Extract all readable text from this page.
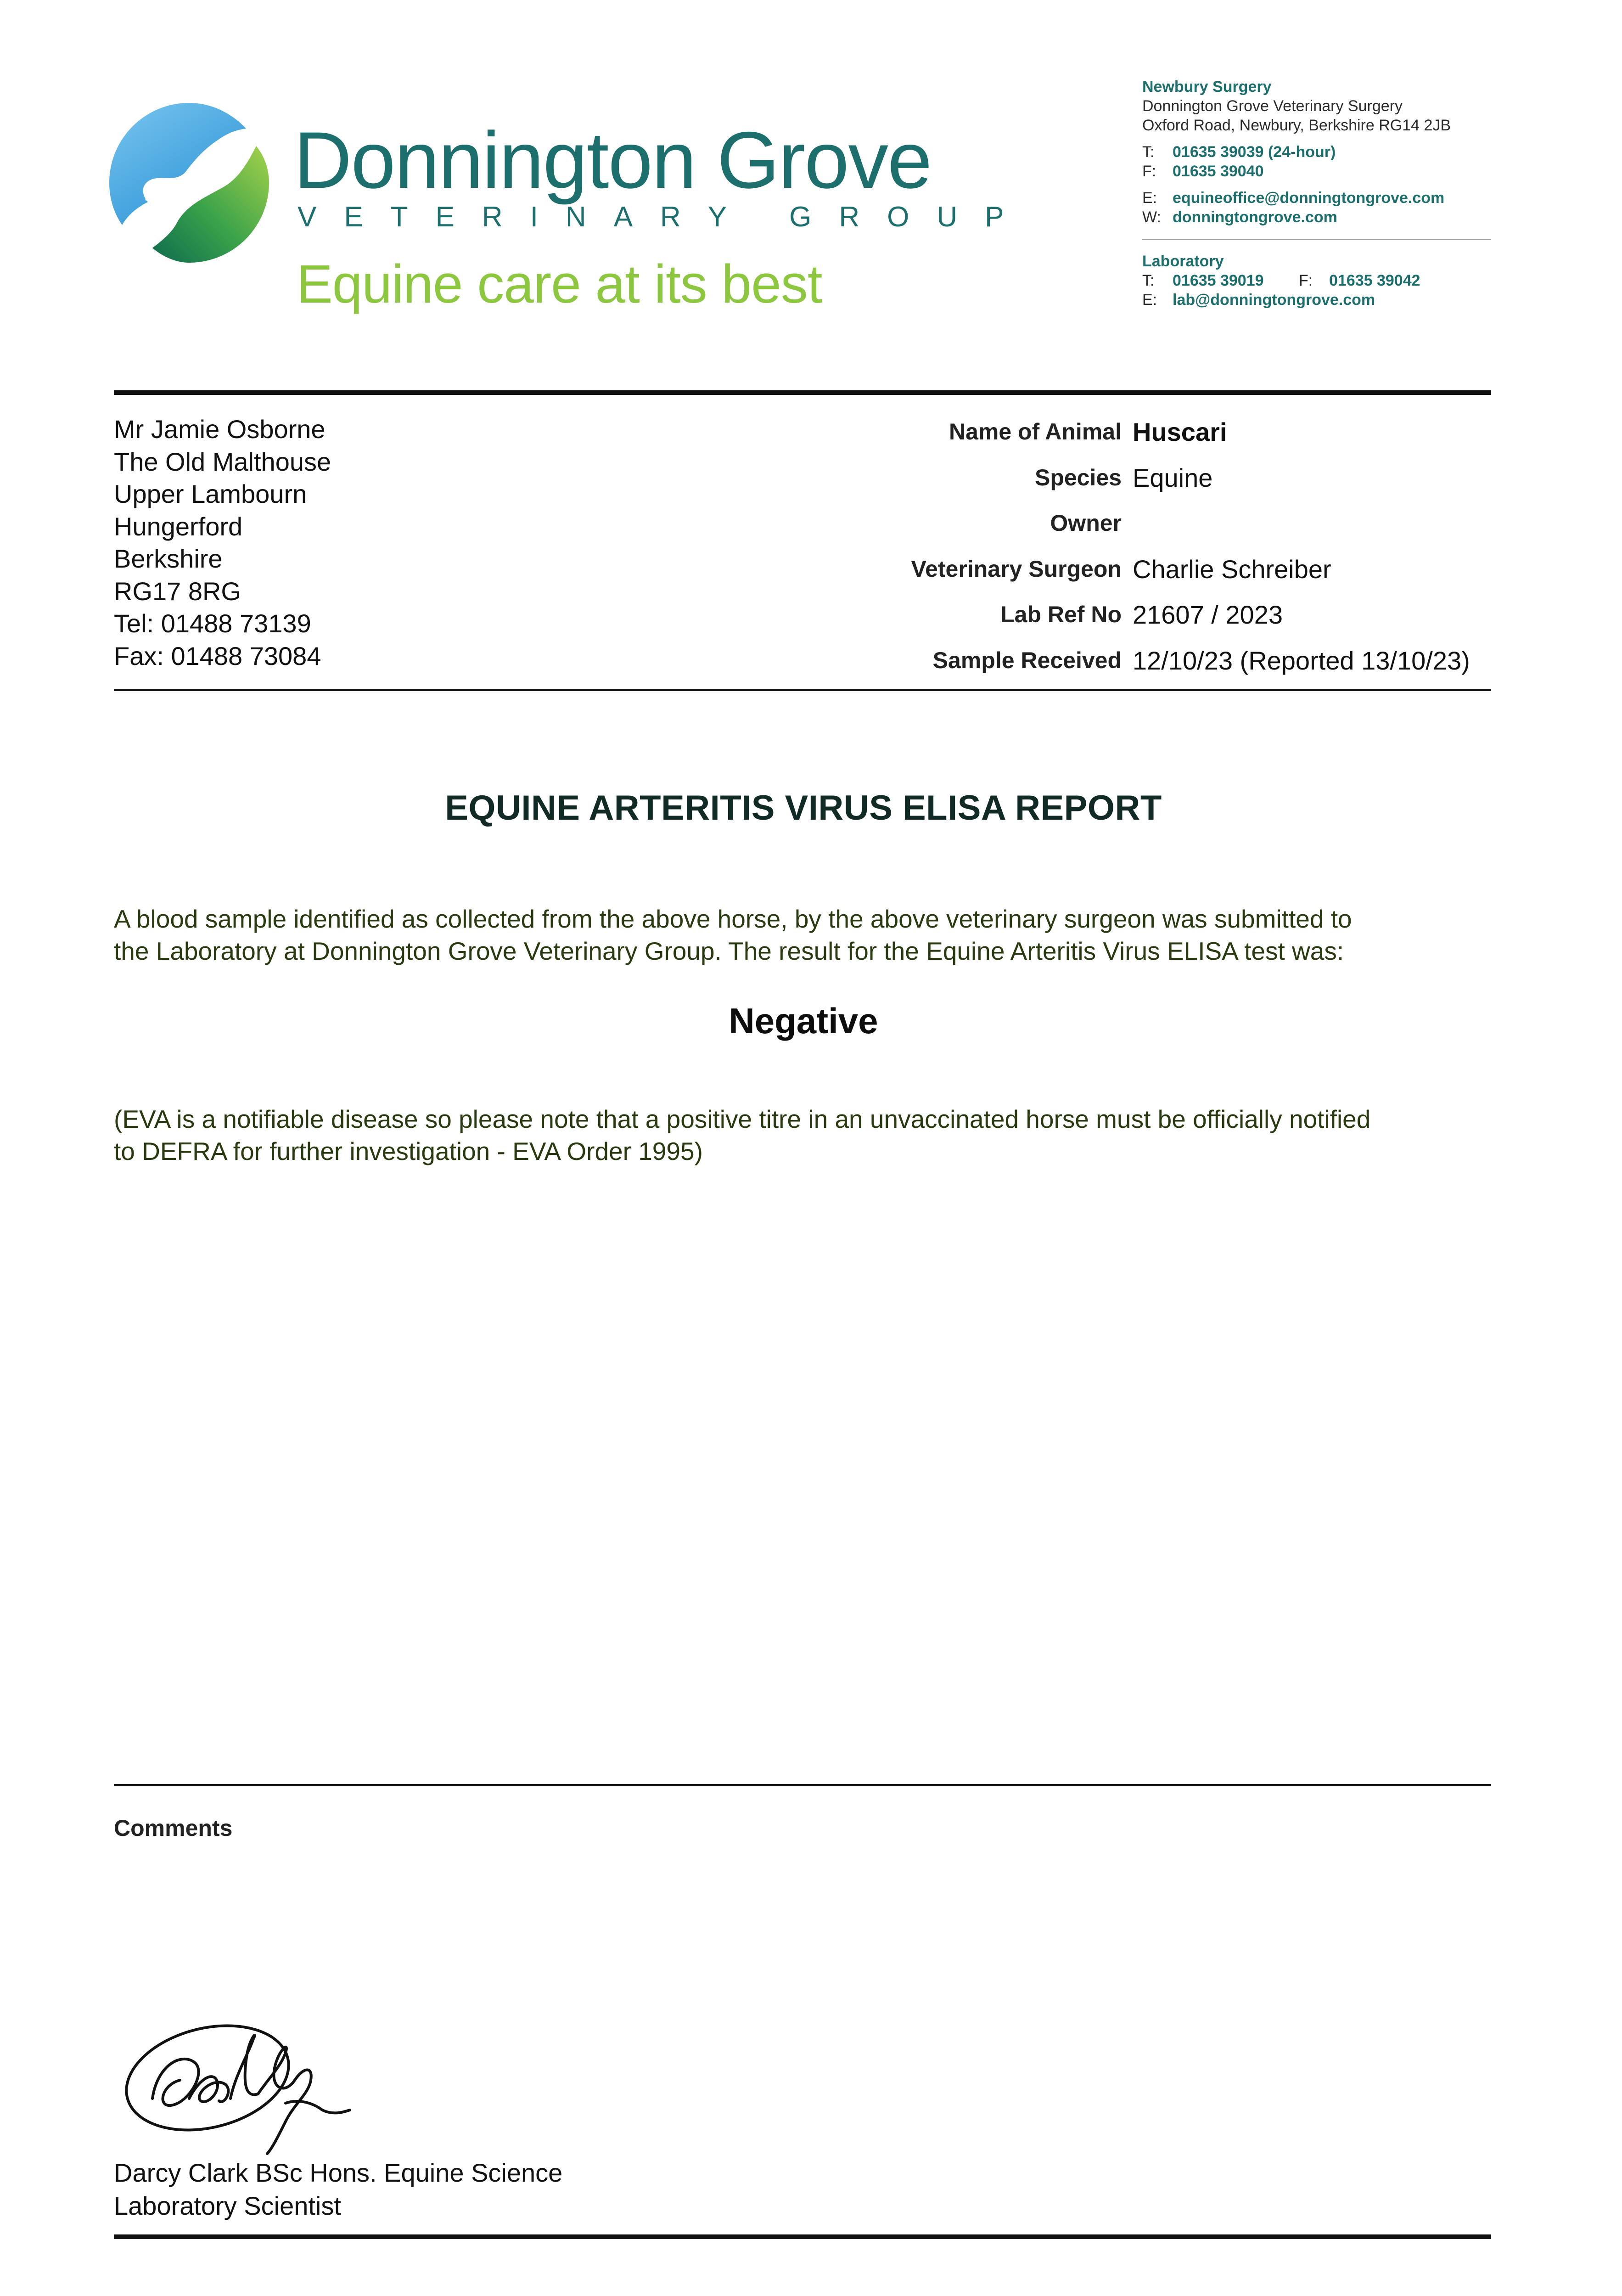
Donnington Grove
VETERINARY GROUP
Equine care at its best
Newbury Surgery
Donnington Grove Veterinary Surgery
Oxford Road, Newbury, Berkshire RG14 2JB
T: 01635 39039 (24-hour)
F: 01635 39040
E: equineoffice@donningtongrove.com
W: donningtongrove.com
Laboratory
T: 01635 39019 F: 01635 39042
E: lab@donningtongrove.com
Mr Jamie Osborne
The Old Malthouse
Upper Lambourn
Hungerford
Berkshire
RG17 8RG
Tel: 01488 73139
Fax: 01488 73084
Name of Animal Huscari
Species Equine
Owner
Veterinary Surgeon Charlie Schreiber
Lab Ref No 21607 / 2023
Sample Received 12/10/23 (Reported 13/10/23)
EQUINE ARTERITIS VIRUS ELISA REPORT
A blood sample identified as collected from the above horse, by the above veterinary surgeon was submitted to
the Laboratory at Donnington Grove Veterinary Group. The result for the Equine Arteritis Virus ELISA test was:
Negative
(EVA is a notifiable disease so please note that a positive titre in an unvaccinated horse must be officially notified
to DEFRA for further investigation - EVA Order 1995)
Comments
Darcy Clark BSc Hons. Equine Science
Laboratory Scientist
